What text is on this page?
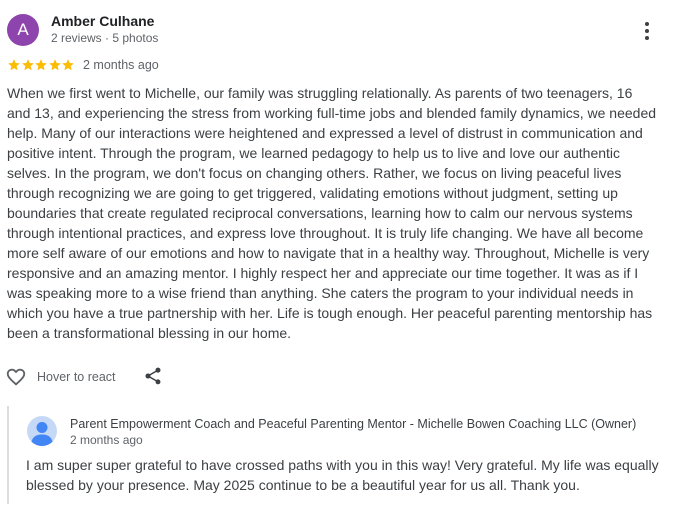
A	Amber Culhane
2 reviews · 5 photos
2 months ago
When we first went to Michelle, our family was struggling relationally. As parents of two teenagers, 16 and 13, and experiencing the stress from working full-time jobs and blended family dynamics, we needed help. Many of our interactions were heightened and expressed a level of distrust in communication and positive intent. Through the program, we learned pedagogy to help us to live and love our authentic selves. In the program, we don't focus on changing others. Rather, we focus on living peaceful lives through recognizing we are going to get triggered, validating emotions without judgment, setting up boundaries that create regulated reciprocal conversations, learning how to calm our nervous systems through intentional practices, and express love throughout. It is truly life changing. We have all become more self aware of our emotions and how to navigate that in a healthy way. Throughout, Michelle is very responsive and an amazing mentor. I highly respect her and appreciate our time together. It was as if I was speaking more to a wise friend than anything. She caters the program to your individual needs in which you have a true partnership with her. Life is tough enough. Her peaceful parenting mentorship has been a transformational blessing in our home.
Hover to react
Parent Empowerment Coach and Peaceful Parenting Mentor - Michelle Bowen Coaching LLC (Owner)
2 months ago
I am super super grateful to have crossed paths with you in this way! Very grateful. My life was equally blessed by your presence. May 2025 continue to be a beautiful year for us all. Thank you.
